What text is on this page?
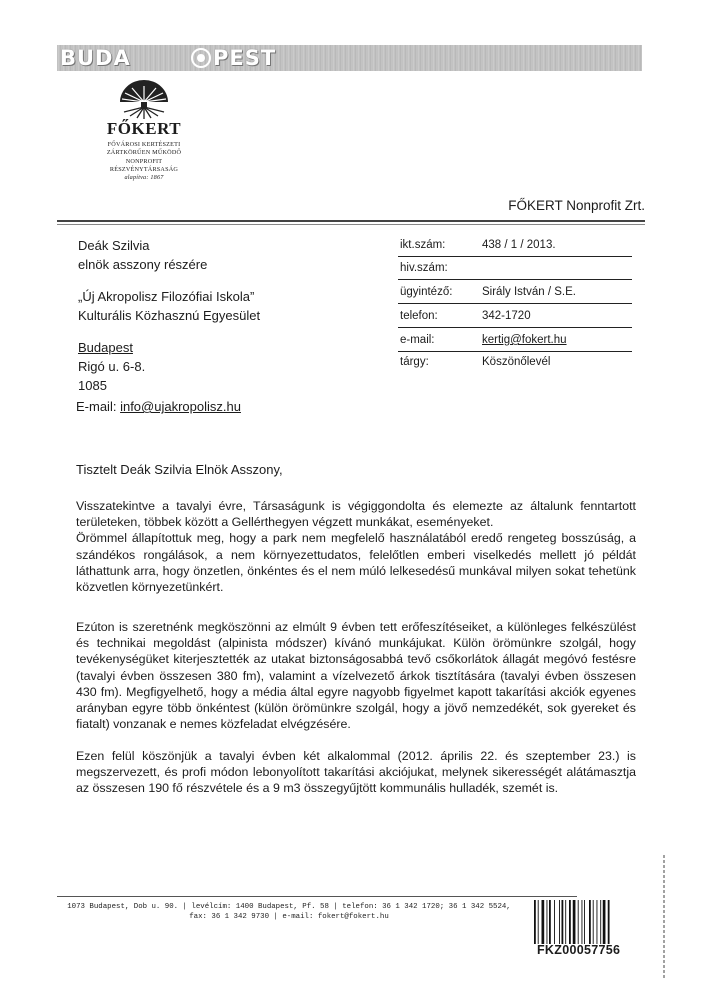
BUDA	PEST
FŐKERT
FŐVÁROSI KERTÉSZETI
ZÁRTKÖRŰEN MŰKÖDŐ
NONPROFIT
RÉSZVÉNYTÁRSASÁG
alapítva: 1867
FŐKERT Nonprofit Zrt.
Deák Szilvia
elnök asszony részére
„Új Akropolisz Filozófiai Iskola”
Kulturális Közhasznú Egyesület
Budapest
Rigó u. 6-8.
1085
E-mail: info@ujakropolisz.hu
ikt.szám:	438 / 1 / 2013.
hiv.szám:
ügyintéző:	Sirály István / S.E.
telefon:	342-1720
e-mail:	kertig@fokert.hu
tárgy:	Köszönőlevél
Tisztelt Deák Szilvia Elnök Asszony,

Visszatekintve a tavalyi évre, Társaságunk is végiggondolta és elemezte az általunk fenntartott területeken, többek között a Gellérthegyen végzett munkákat, eseményeket.

Örömmel állapítottuk meg, hogy a park nem megfelelő használatából eredő rengeteg bosszúság, a szándékos rongálások, a nem környezettudatos, felelőtlen emberi viselkedés mellett jó példát láthattunk arra, hogy önzetlen, önkéntes és el nem múló lelkesedésű munkával milyen sokat tehetünk közvetlen környezetünkért.

Ezúton is szeretnénk megköszönni az elmúlt 9 évben tett erőfeszítéseiket, a különleges felkészülést és technikai megoldást (alpinista módszer) kívánó munkájukat. Külön örömünkre szolgál, hogy tevékenységüket kiterjesztették az utakat biztonságosabbá tevő csőkorlátok állagát megóvó festésre (tavalyi évben összesen 380 fm), valamint a vízelvezető árkok tisztítására (tavalyi évben összesen 430 fm). Megfigyelhető, hogy a média által egyre nagyobb figyelmet kapott takarítási akciók egyenes arányban egyre több önkéntest (külön örömünkre szolgál, hogy a jövő nemzedékét, sok gyereket és fiatalt) vonzanak e nemes közfeladat elvégzésére.

Ezen felül köszönjük a tavalyi évben két alkalommal (2012. április 22. és szeptember 23.) is megszervezett, és profi módon lebonyolított takarítási akciójukat, melynek sikerességét alátámasztja az összesen 190 fő részvétele és a 9 m3 összegyűjtött kommunális hulladék, szemét is.

1073 Budapest, Dob u. 90. | levélcím: 1400 Budapest, Pf. 58 | telefon: 36 1 342 1720; 36 1 342 5524,
fax: 36 1 342 9730 | e-mail: fokert@fokert.hu
FKZ00057756
